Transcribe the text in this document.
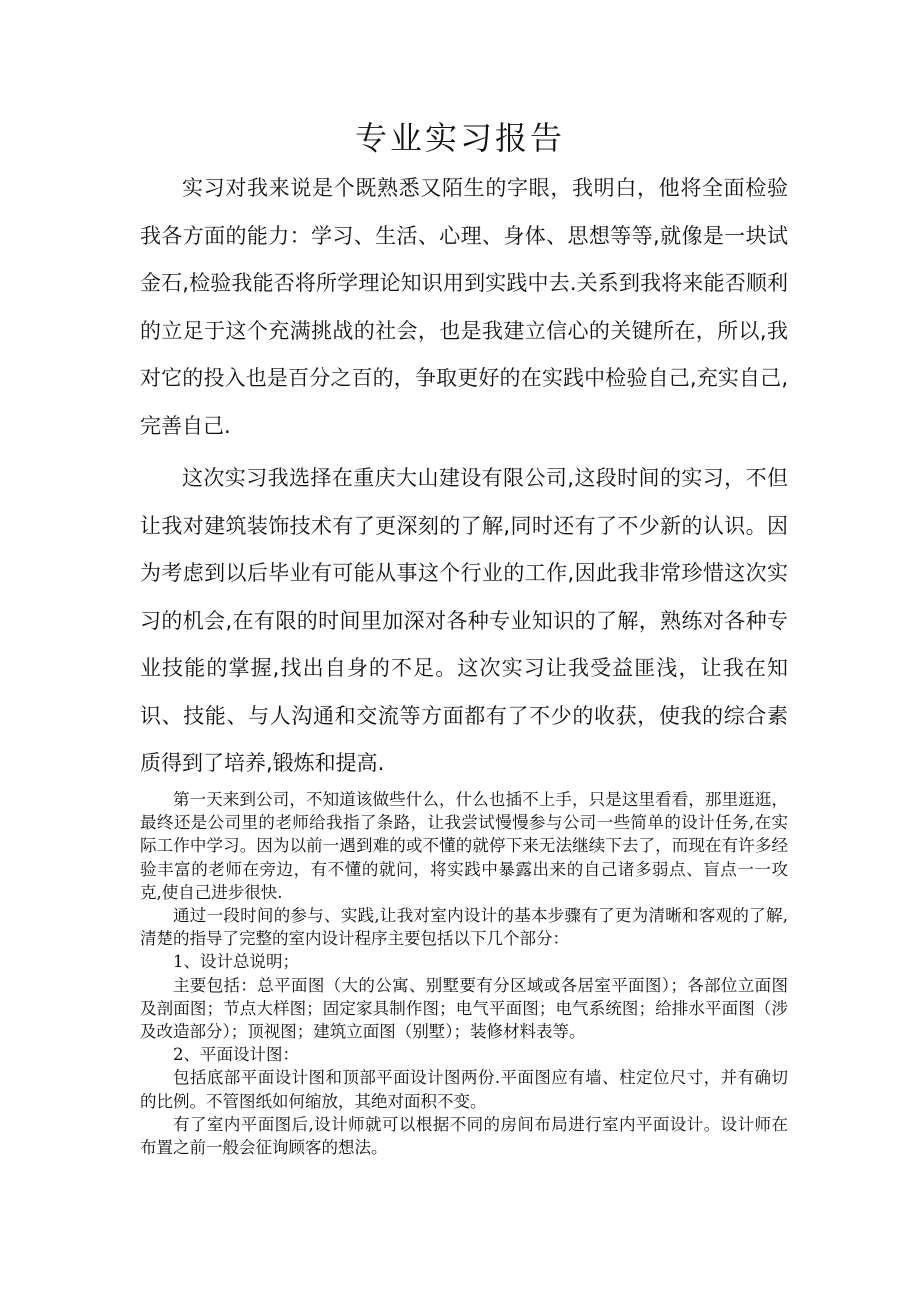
专业实习报告

实习对我来说是个既熟悉又陌生的字眼，我明白，他将全面检验我各方面的能力：学习、生活、心理、身体、思想等等,就像是一块试金石,检验我能否将所学理论知识用到实践中去.关系到我将来能否顺利的立足于这个充满挑战的社会，也是我建立信心的关键所在，所以,我对它的投入也是百分之百的，争取更好的在实践中检验自己,充实自己,完善自己.

这次实习我选择在重庆大山建设有限公司,这段时间的实习，不但让我对建筑装饰技术有了更深刻的了解,同时还有了不少新的认识。因为考虑到以后毕业有可能从事这个行业的工作,因此我非常珍惜这次实习的机会,在有限的时间里加深对各种专业知识的了解，熟练对各种专业技能的掌握,找出自身的不足。这次实习让我受益匪浅，让我在知识、技能、与人沟通和交流等方面都有了不少的收获，使我的综合素质得到了培养,锻炼和提高.

第一天来到公司，不知道该做些什么，什么也插不上手，只是这里看看，那里逛逛，最终还是公司里的老师给我指了条路，让我尝试慢慢参与公司一些简单的设计任务,在实际工作中学习。因为以前一遇到难的或不懂的就停下来无法继续下去了，而现在有许多经验丰富的老师在旁边，有不懂的就问，将实践中暴露出来的自己诸多弱点、盲点一一攻克,使自己进步很快.

通过一段时间的参与、实践,让我对室内设计的基本步骤有了更为清晰和客观的了解,清楚的指导了完整的室内设计程序主要包括以下几个部分：

1、设计总说明；

主要包括：总平面图（大的公寓、别墅要有分区域或各居室平面图）；各部位立面图及剖面图；节点大样图；固定家具制作图；电气平面图；电气系统图；给排水平面图（涉及改造部分）；顶视图；建筑立面图（别墅）；装修材料表等。

2、平面设计图：

包括底部平面设计图和顶部平面设计图两份.平面图应有墙、柱定位尺寸，并有确切的比例。不管图纸如何缩放，其绝对面积不变。

有了室内平面图后,设计师就可以根据不同的房间布局进行室内平面设计。设计师在布置之前一般会征询顾客的想法。
